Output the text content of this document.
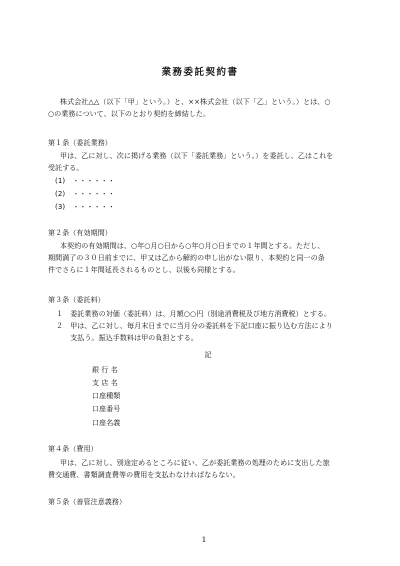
業務委託契約書
株式会社△△（以下「甲」という。）と、××株式会社（以下「乙」という。）とは、○
○の業務について、以下のとおり契約を締結した。
第１条（委託業務）
甲は、乙に対し、次に掲げる業務（以下「委託業務」という。）を委託し、乙はこれを
受託する。
(1)　・・・・・・
(2)　・・・・・・
(3)　・・・・・・
第２条（有効期間）
本契約の有効期間は、○年○月○日から○年○月○日までの１年間とする。ただし、
期間満了の３０日前までに、甲又は乙から解約の申し出がない限り、本契約と同一の条
件でさらに１年間延長されるものとし、以後も同様とする。
第３条（委託料）
１　委託業務の対価（委託料）は、月額○○円（別途消費税及び地方消費税）とする。
２　甲は、乙に対し、毎月末日までに当月分の委託料を下記口座に振り込む方法により
　　支払う。振込手数料は甲の負担とする。
記
銀 行 名
支 店 名
口座種類
口座番号
口座名義
第４条（費用）
甲は、乙に対し、別途定めるところに従い、乙が委託業務の処理のために支出した旅
費交通費、書類調査費等の費用を支払わなければならない。
第５条（善管注意義務）
1
